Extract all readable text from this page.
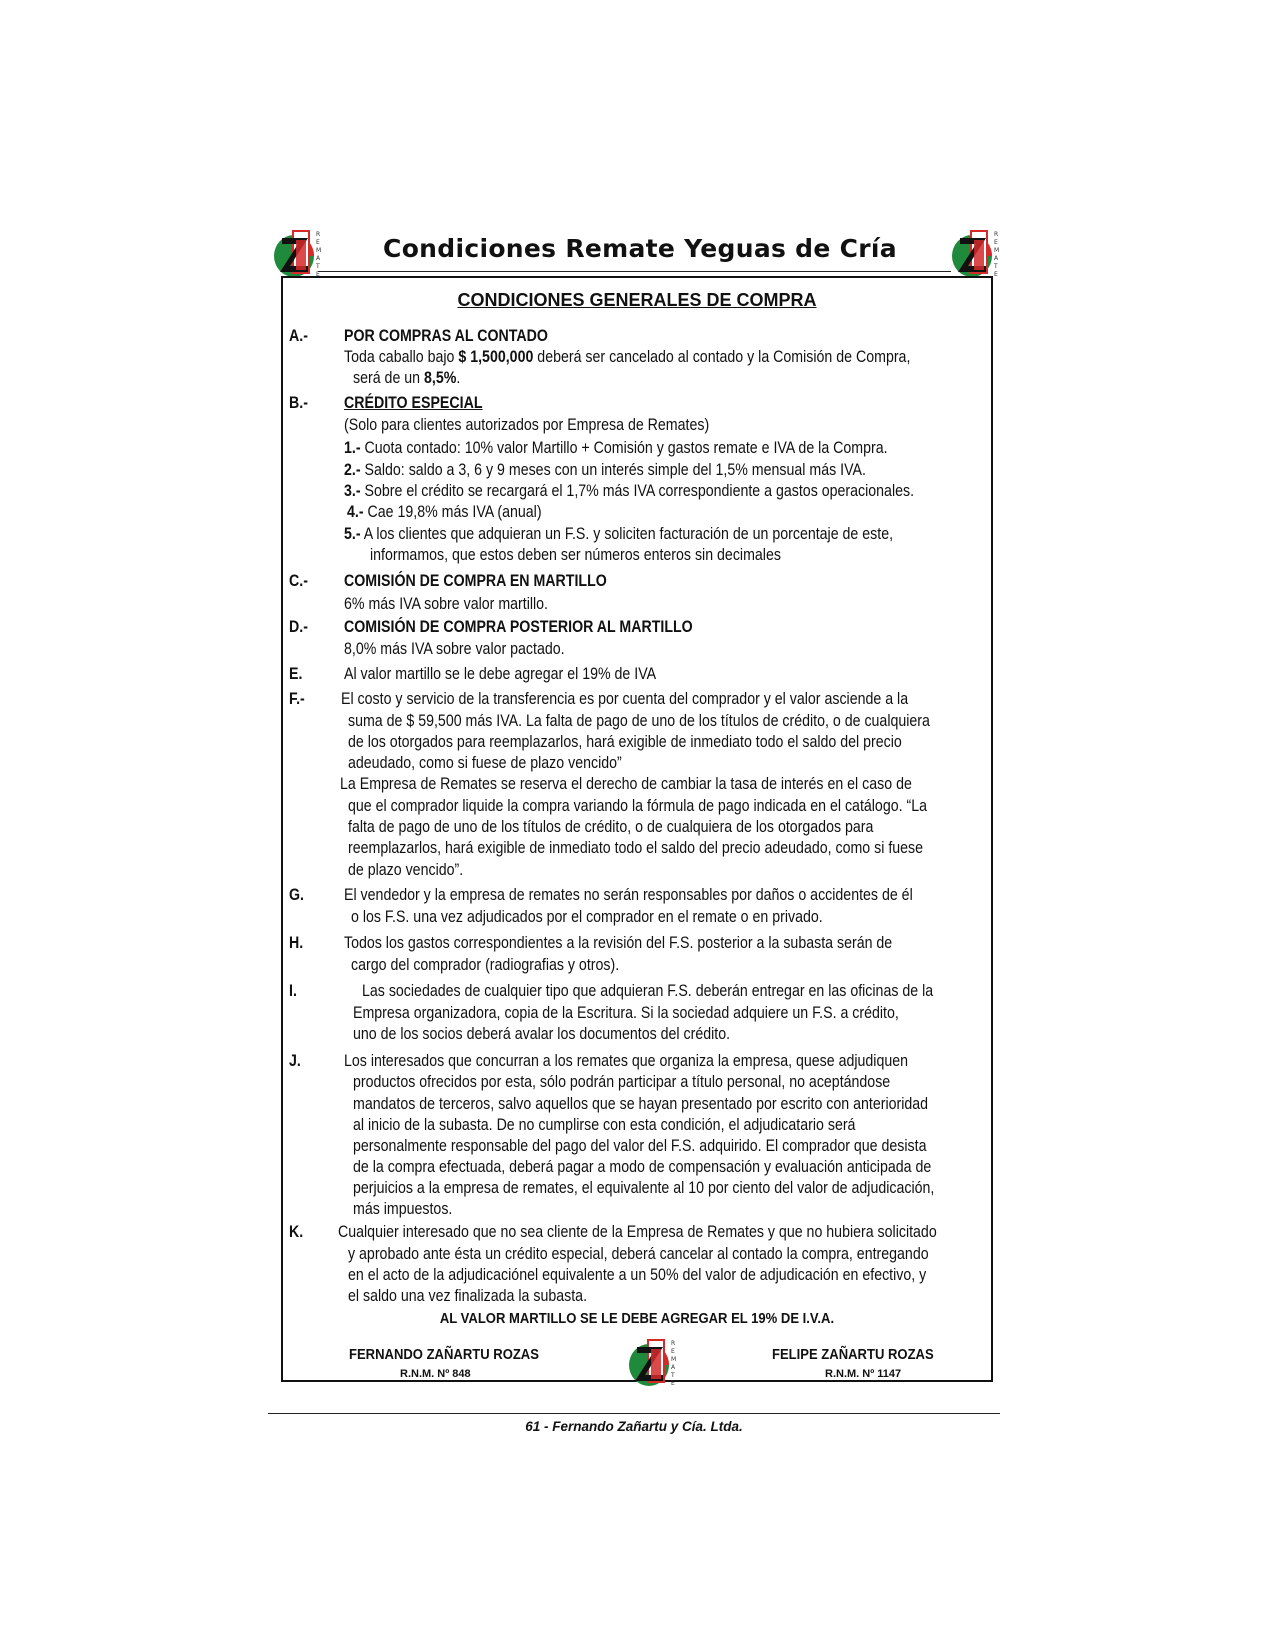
R
E
M
A
T
E
R
E
M
A
T
E
Condiciones Remate Yeguas de Cría
CONDICIONES GENERALES DE COMPRA
A.- POR COMPRAS AL CONTADO
Toda caballo bajo $ 1,500,000 deberá ser cancelado al contado y la Comisión de Compra,
será de un 8,5%.
B.- CRÉDITO ESPECIAL
(Solo para clientes autorizados por Empresa de Remates)
1.- Cuota contado: 10% valor Martillo + Comisión y gastos remate e IVA de la Compra.
2.- Saldo: saldo a 3, 6 y 9 meses con un interés simple del 1,5% mensual más IVA.
3.- Sobre el crédito se recargará el 1,7% más IVA correspondiente a gastos operacionales.
4.- Cae 19,8% más IVA (anual)
5.- A los clientes que adquieran un F.S. y soliciten facturación de un porcentaje de este,
informamos, que estos deben ser números enteros sin decimales
C.- COMISIÓN DE COMPRA EN MARTILLO
6% más IVA sobre valor martillo.
D.- COMISIÓN DE COMPRA POSTERIOR AL MARTILLO
8,0% más IVA sobre valor pactado.
E.	Al valor martillo se le debe agregar el 19% de IVA
F.- El costo y servicio de la transferencia es por cuenta del comprador y el valor asciende a la
suma de $ 59,500 más IVA. La falta de pago de uno de los títulos de crédito, o de cualquiera
de los otorgados para reemplazarlos, hará exigible de inmediato todo el saldo del precio
adeudado, como si fuese de plazo vencido”
La Empresa de Remates se reserva el derecho de cambiar la tasa de interés en el caso de
que el comprador liquide la compra variando la fórmula de pago indicada en el catálogo. “La
falta de pago de uno de los títulos de crédito, o de cualquiera de los otorgados para
reemplazarlos, hará exigible de inmediato todo el saldo del precio adeudado, como si fuese
de plazo vencido”.
G. El vendedor y la empresa de remates no serán responsables por daños o accidentes de él
o los F.S. una vez adjudicados por el comprador en el remate o en privado.
H. Todos los gastos correspondientes a la revisión del F.S. posterior a la subasta serán de
cargo del comprador (radiografias y otros).
I.	Las sociedades de cualquier tipo que adquieran F.S. deberán entregar en las oficinas de la
Empresa organizadora, copia de la Escritura. Si la sociedad adquiere un F.S. a crédito,
uno de los socios deberá avalar los documentos del crédito.
J.	Los interesados que concurran a los remates que organiza la empresa, quese adjudiquen
productos ofrecidos por esta, sólo podrán participar a título personal, no aceptándose
mandatos de terceros, salvo aquellos que se hayan presentado por escrito con anterioridad
al inicio de la subasta. De no cumplirse con esta condición, el adjudicatario será
personalmente responsable del pago del valor del F.S. adquirido. El comprador que desista
de la compra efectuada, deberá pagar a modo de compensación y evaluación anticipada de
perjuicios a la empresa de remates, el equivalente al 10 por ciento del valor de adjudicación,
más impuestos.
K. Cualquier interesado que no sea cliente de la Empresa de Remates y que no hubiera solicitado
y aprobado ante ésta un crédito especial, deberá cancelar al contado la compra, entregando
en el acto de la adjudicaciónel equivalente a un 50% del valor de adjudicación en efectivo, y
el saldo una vez finalizada la subasta.
AL VALOR MARTILLO SE LE DEBE AGREGAR EL 19% DE I.V.A.
FERNANDO ZAÑARTU ROZAS
R.N.M. Nº 848
R
E
M
A
T
E
FELIPE ZAÑARTU ROZAS
R.N.M. Nº 1147
61 - Fernando Zañartu y Cía. Ltda.
